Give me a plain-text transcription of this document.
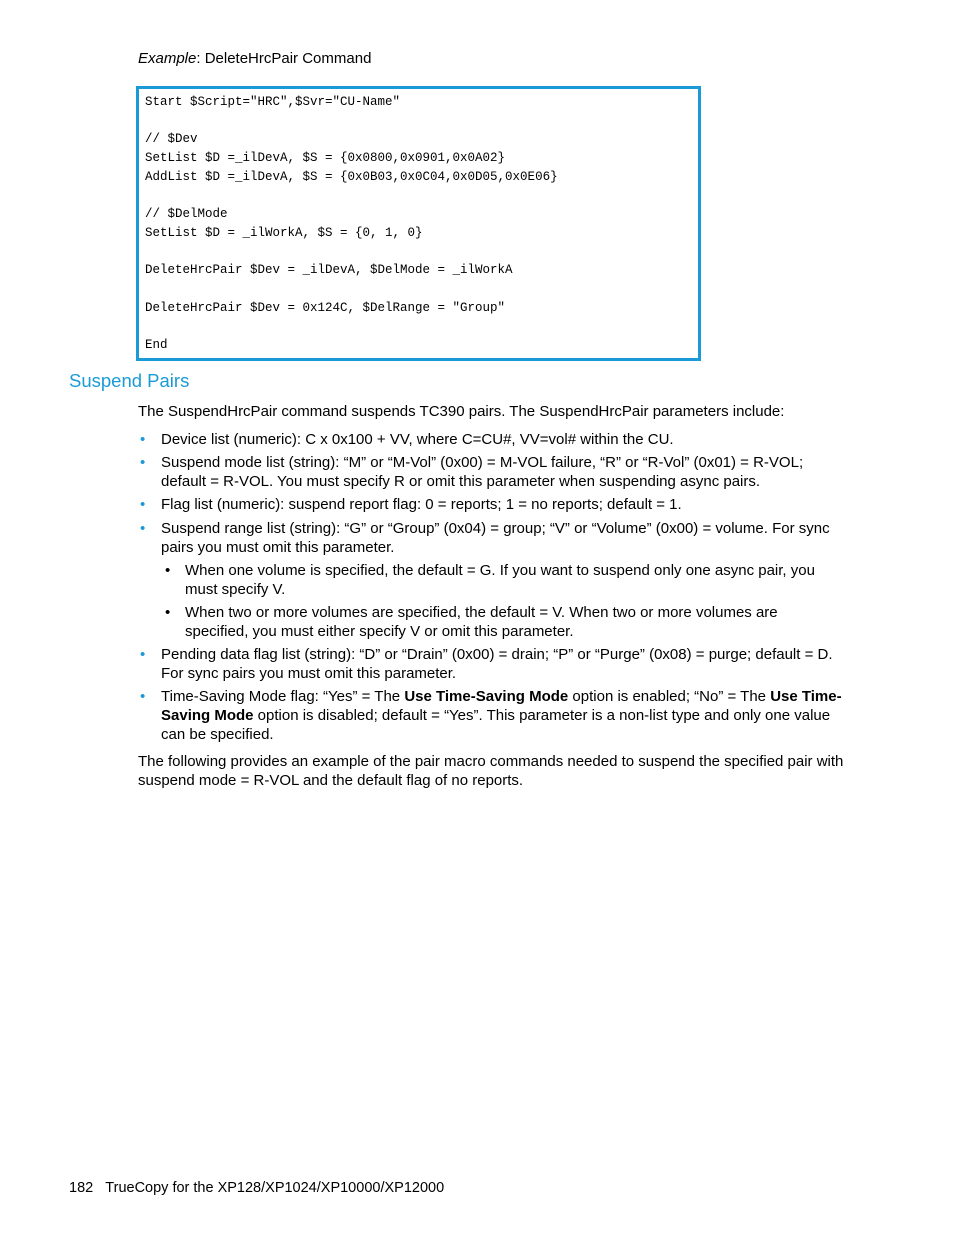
Example: DeleteHrcPair Command
Start $Script="HRC",$Svr="CU-Name"
// $Dev
SetList $D =_ilDevA, $S = {0x0800,0x0901,0x0A02}
AddList $D =_ilDevA, $S = {0x0B03,0x0C04,0x0D05,0x0E06}
// $DelMode
SetList $D = _ilWorkA, $S = {0, 1, 0}
DeleteHrcPair $Dev = _ilDevA, $DelMode = _ilWorkA
DeleteHrcPair $Dev = 0x124C, $DelRange = "Group"
End
Suspend Pairs
The SuspendHrcPair command suspends TC390 pairs. The SuspendHrcPair parameters include:
• Device list (numeric): C x 0x100 + VV, where C=CU#, VV=vol# within the CU.
• Suspend mode list (string): “M” or “M-Vol” (0x00) = M-VOL failure, “R” or “R-Vol” (0x01) = R-VOL; default = R-VOL. You must specify R or omit this parameter when suspending async pairs.
• Flag list (numeric): suspend report flag: 0 = reports; 1 = no reports; default = 1.
• Suspend range list (string): “G” or “Group” (0x04) = group; “V” or “Volume” (0x00) = volume. For sync pairs you must omit this parameter.
• When one volume is specified, the default = G. If you want to suspend only one async pair, you must specify V.
• When two or more volumes are specified, the default = V. When two or more volumes are specified, you must either specify V or omit this parameter.
• Pending data flag list (string): “D” or “Drain” (0x00) = drain; “P” or “Purge” (0x08) = purge; default = D. For sync pairs you must omit this parameter.
• Time-Saving Mode flag: “Yes” = The Use Time-Saving Mode option is enabled; “No” = The Use Time-Saving Mode option is disabled; default = “Yes”. This parameter is a non-list type and only one value can be specified.
The following provides an example of the pair macro commands needed to suspend the specified pair with suspend mode = R-VOL and the default flag of no reports.
182 TrueCopy for the XP128/XP1024/XP10000/XP12000
